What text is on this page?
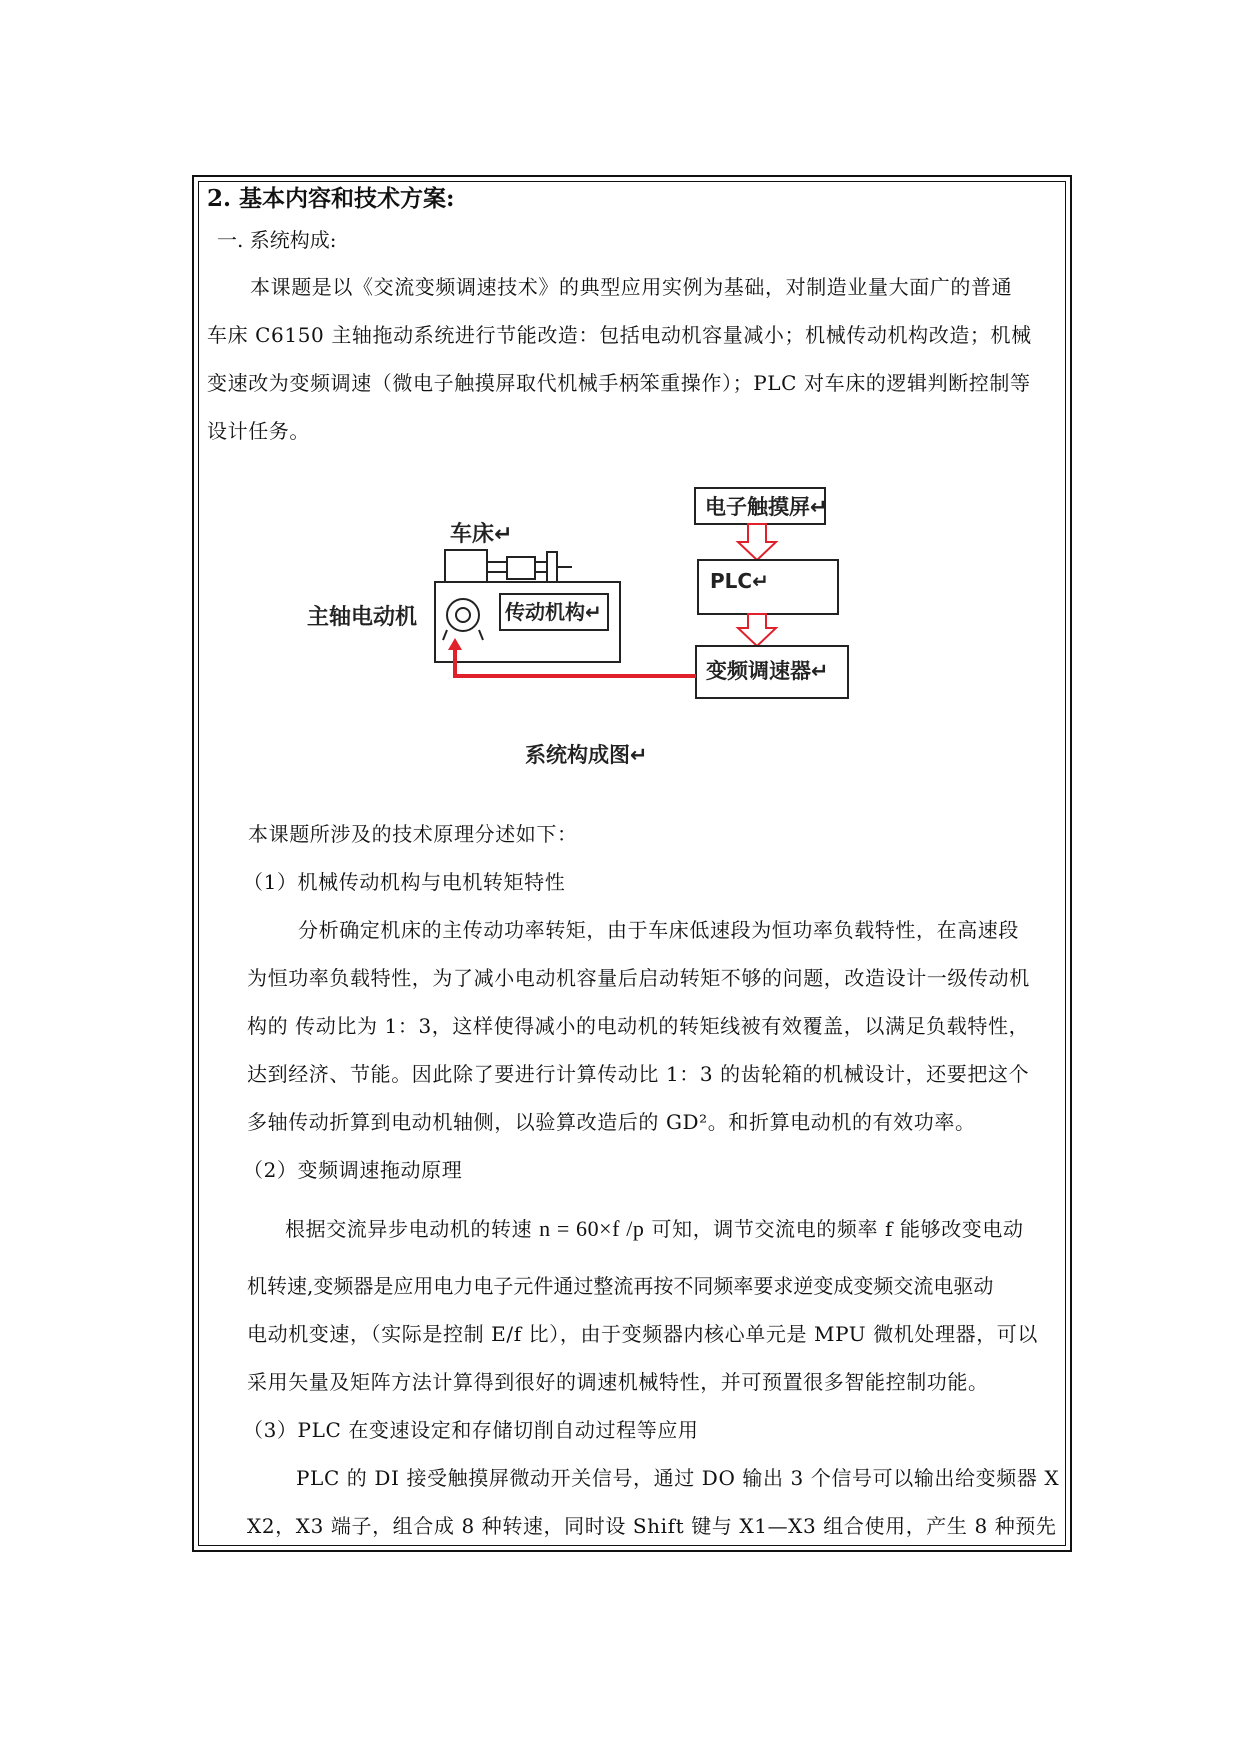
2. 基本内容和技术方案:
一. 系统构成:
本课题是以《交流变频调速技术》的典型应用实例为基础，对制造业量大面广的普通
车床 C6150 主轴拖动系统进行节能改造：包括电动机容量减小；机械传动机构改造；机械
变速改为变频调速（微电子触摸屏取代机械手柄笨重操作）；PLC 对车床的逻辑判断控制等
设计任务。
车床↵
传动机构↵
主轴电动机
电子触摸屏↵
PLC↵
变频调速器↵
系统构成图↵
本课题所涉及的技术原理分述如下：
（1）机械传动机构与电机转矩特性
分析确定机床的主传动功率转矩，由于车床低速段为恒功率负载特性，在高速段
为恒功率负载特性，为了减小电动机容量后启动转矩不够的问题，改造设计一级传动机
构的 传动比为 1：3，这样使得减小的电动机的转矩线被有效覆盖，以满足负载特性，
达到经济、节能。因此除了要进行计算传动比 1：3 的齿轮箱的机械设计，还要把这个
多轴传动折算到电动机轴侧，以验算改造后的 GD²。和折算电动机的有效功率。
（2）变频调速拖动原理
根据交流异步电动机的转速 n = 60×f /p 可知，调节交流电的频率 f 能够改变电动
机转速,变频器是应用电力电子元件通过整流再按不同频率要求逆变成变频交流电驱动
电动机变速，（实际是控制 E/f 比），由于变频器内核心单元是 MPU 微机处理器，可以
采用矢量及矩阵方法计算得到很好的调速机械特性，并可预置很多智能控制功能。
（3）PLC 在变速设定和存储切削自动过程等应用
PLC 的 DI 接受触摸屏微动开关信号，通过 DO 输出 3 个信号可以输出给变频器 X
X2，X3 端子，组合成 8 种转速，同时设 Shift 键与 X1—X3 组合使用，产生 8 种预先
